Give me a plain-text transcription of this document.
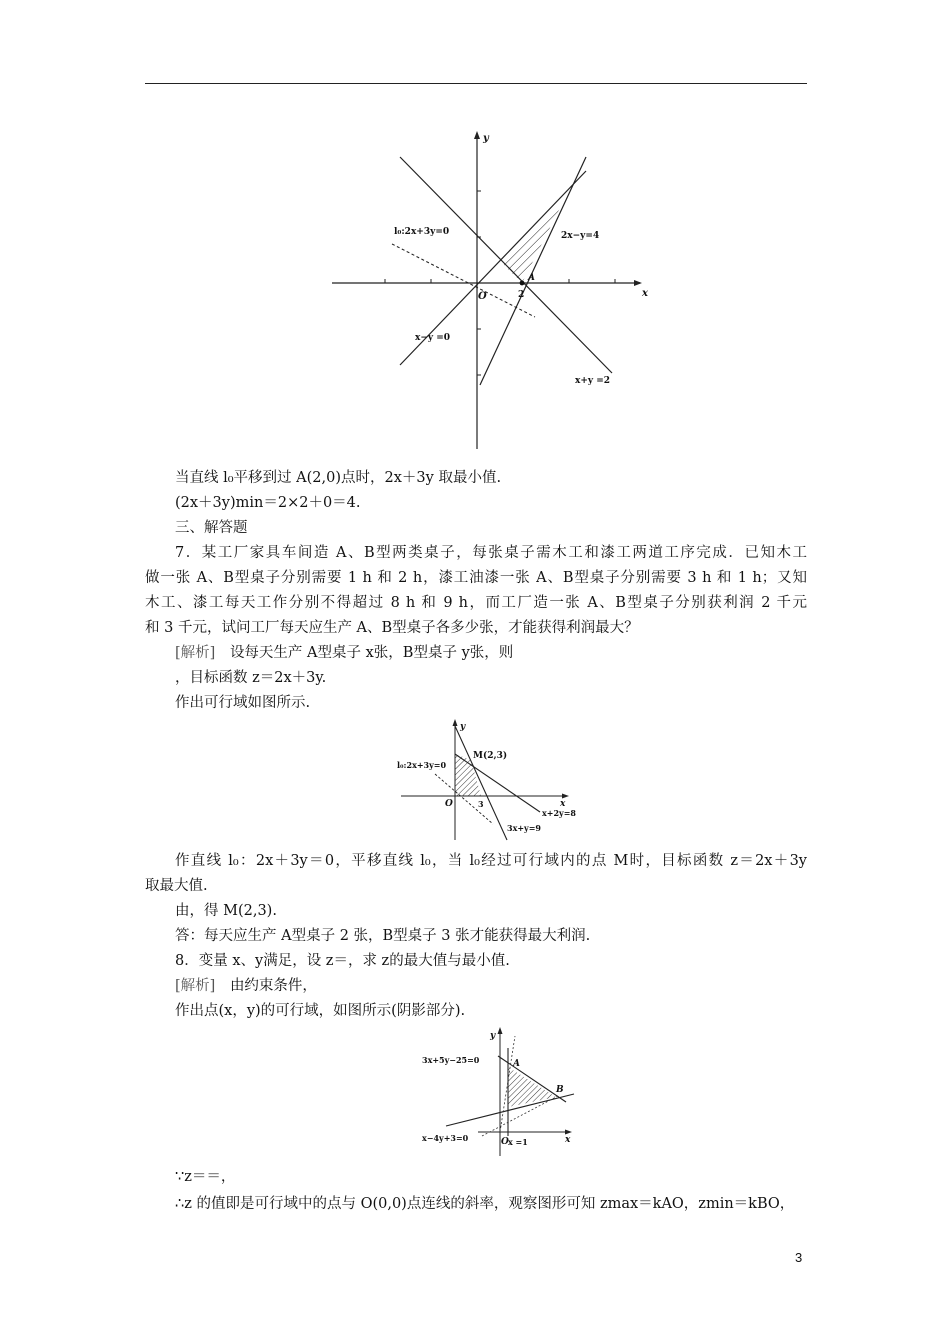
y
x
O
l₀:2x+3y=0	2x−y=4
A
2
x−y =0
x+y =2
当直线 l₀平移到过 A(2,0)点时，2x＋3y 取最小值.
(2x＋3y)min＝2×2＋0＝4.
三、解答题
7．某工厂家具车间造 A、B型两类桌子，每张桌子需木工和漆工两道工序完成．已知木工
做一张 A、B型桌子分别需要 1 h 和 2 h，漆工油漆一张 A、B型桌子分别需要 3 h 和 1 h；又知
木工、漆工每天工作分别不得超过 8 h 和 9 h，而工厂造一张 A、B型桌子分别获利润 2 千元
和 3 千元，试问工厂每天应生产 A、B型桌子各多少张，才能获得利润最大？
[解析] 设每天生产 A型桌子 x张，B型桌子 y张，则
，目标函数 z＝2x＋3y.
作出可行域如图所示.
y
x
O
l₀:2x+3y=0
M(2,3)
3
x+2y=8
3x+y=9
作直线 l₀：2x＋3y＝0，平移直线 l₀，当 l₀经过可行域内的点 M时，目标函数 z＝2x＋3y
取最大值.
由，得 M(2,3).
答：每天应生产 A型桌子 2 张，B型桌子 3 张才能获得最大利润.
8．变量 x、y满足，设 z＝，求 z的最大值与最小值.
[解析] 由约束条件，
作出点(x，y)的可行域，如图所示(阴影部分).
y
x
O
3x+5y−25=0	A
B
x−4y+3=0	x =1
∵z＝＝，
∴z 的值即是可行域中的点与 O(0,0)点连线的斜率，观察图形可知 zmax＝kAO，zmin＝kBO，
3
